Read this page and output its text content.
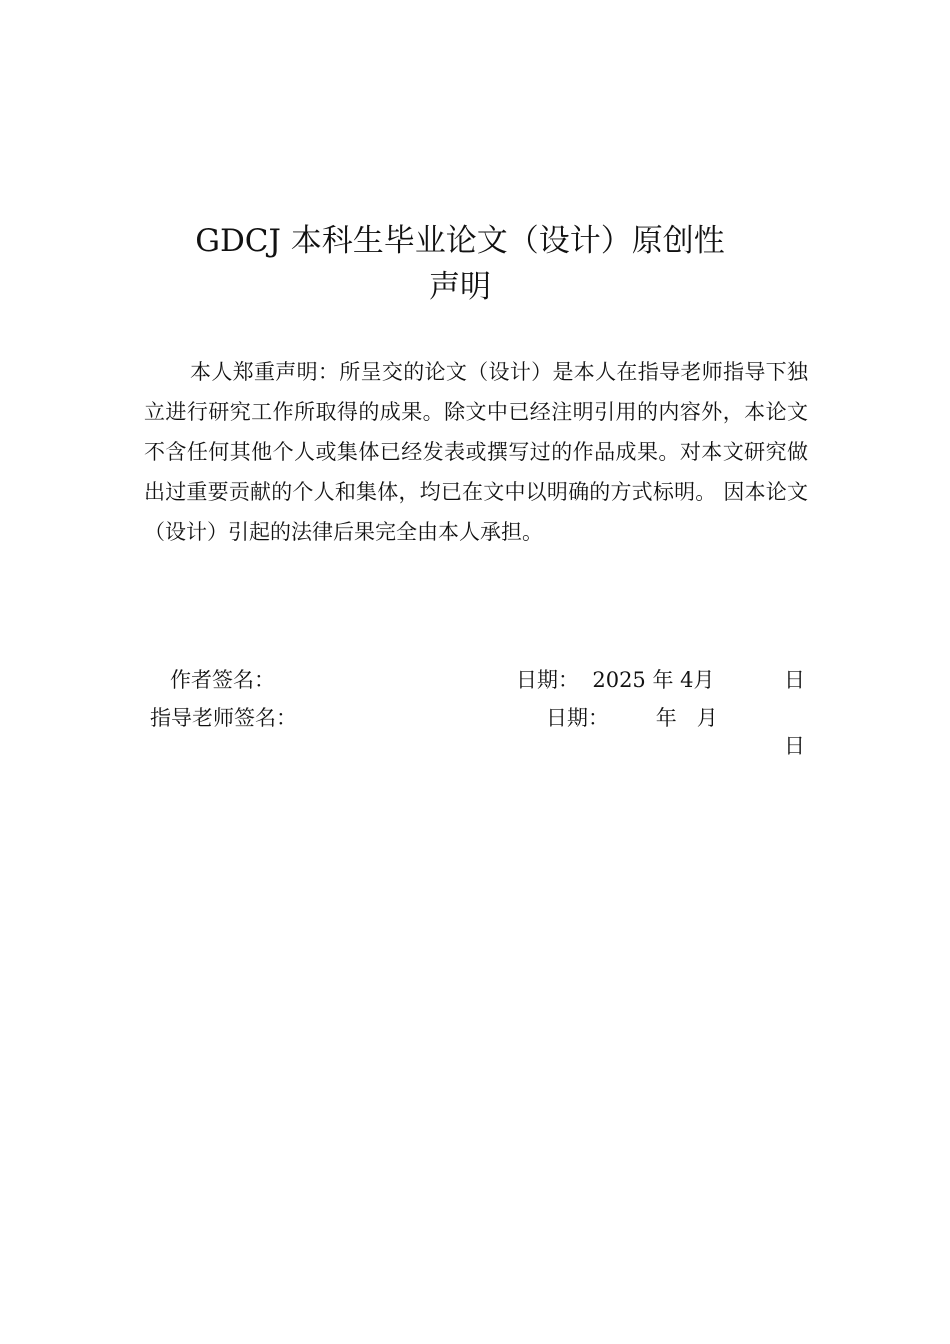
GDCJ 本科生毕业论文（设计）原创性
声明

本人郑重声明：所呈交的论文（设计）是本人在指导老师指导下独立进行研究工作所取得的成果。除文中已经注明引用的内容外，本论文不含任何其他个人或集体已经发表或撰写过的作品成果。对本文研究做出过重要贡献的个人和集体，均已在文中以明确的方式标明。 因本论文（设计）引起的法律后果完全由本人承担。

作者签名：	日期：  2025 年 4月	日
指导老师签名：	日期：       年   月
日
